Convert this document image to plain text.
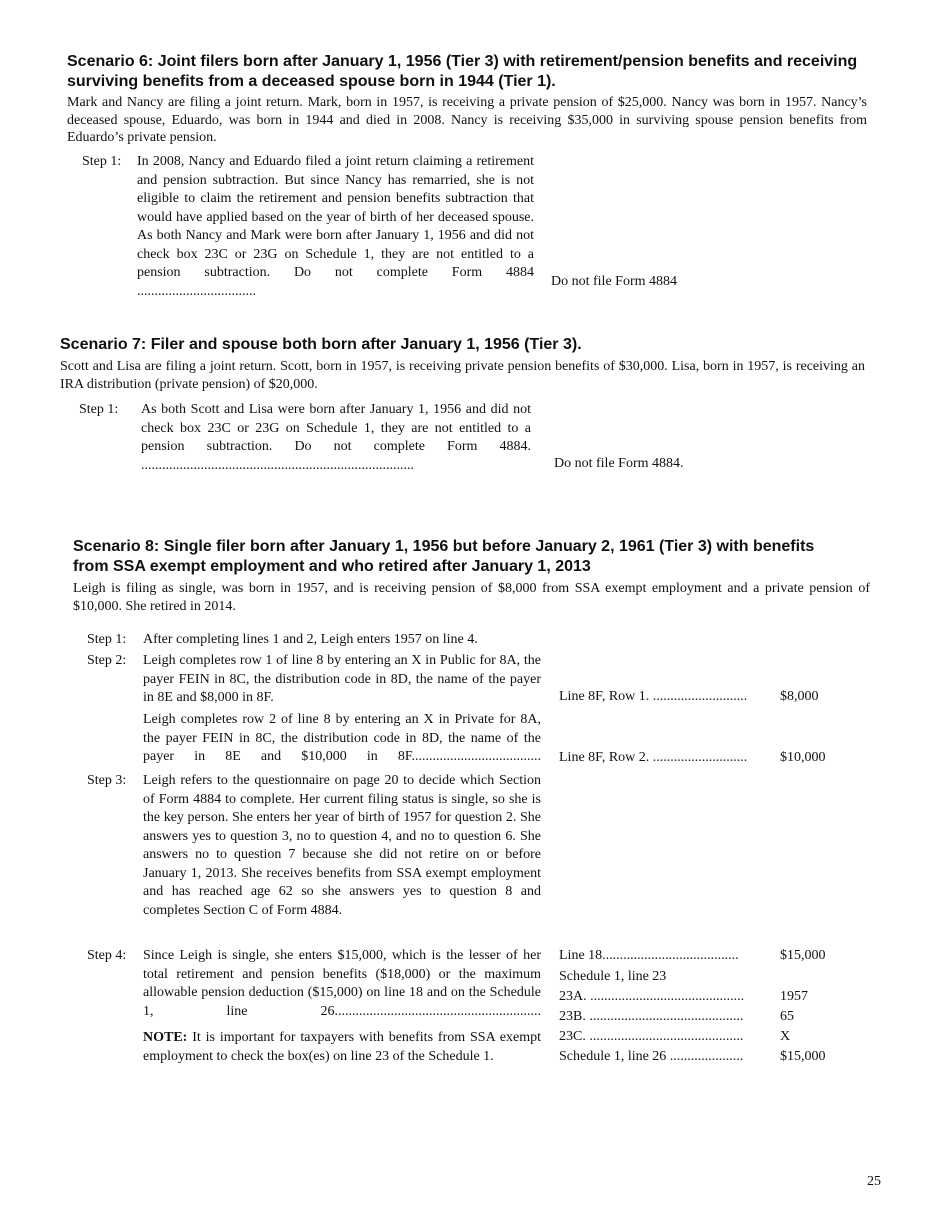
Scenario 6: Joint filers born after January 1, 1956 (Tier 3) with retirement/pension benefits and receiving surviving benefits from a deceased spouse born in 1944 (Tier 1).
Mark and Nancy are filing a joint return. Mark, born in 1957, is receiving a private pension of $25,000. Nancy was born in 1957. Nancy’s deceased spouse, Eduardo, was born in 1944 and died in 2008. Nancy is receiving $35,000 in surviving spouse pension benefits from Eduardo’s private pension.
Step 1: In 2008, Nancy and Eduardo filed a joint return claiming a retirement and pension subtraction. But since Nancy has remarried, she is not eligible to claim the retirement and pension benefits subtraction that would have applied based on the year of birth of her deceased spouse. As both Nancy and Mark were born after January 1, 1956 and did not check box 23C or 23G on Schedule 1, they are not entitled to a pension subtraction. Do not complete Form 4884 ..................................
Do not file Form 4884
Scenario 7: Filer and spouse both born after January 1, 1956 (Tier 3).
Scott and Lisa are filing a joint return. Scott, born in 1957, is receiving private pension benefits of $30,000. Lisa, born in 1957, is receiving an IRA distribution (private pension) of $20,000.
Step 1: As both Scott and Lisa were born after January 1, 1956 and did not check box 23C or 23G on Schedule 1, they are not entitled to a pension subtraction. Do not complete Form 4884. ..............................................................................	Do not file Form 4884.
Scenario 8: Single filer born after January 1, 1956 but before January 2, 1961 (Tier 3) with benefits from SSA exempt employment and who retired after January 1, 2013
Leigh is filing as single, was born in 1957, and is receiving pension of $8,000 from SSA exempt employment and a private pension of $10,000. She retired in 2014.
Step 1: After completing lines 1 and 2, Leigh enters 1957 on line 4.
Step 2: Leigh completes row 1 of line 8 by entering an X in Public for 8A, the payer FEIN in 8C, the distribution code in 8D, the name of the payer in 8E and $8,000 in 8F.
Leigh completes row 2 of line 8 by entering an X in Private for 8A, the payer FEIN in 8C, the distribution code in 8D, the name of the payer in 8E and $10,000 in 8F.....................................
Line 8F, Row 1. ........................... $8,000
Line 8F, Row 2. ........................... $10,000
Step 3: Leigh refers to the questionnaire on page 20 to decide which Section of Form 4884 to complete. Her current filing status is single, so she is the key person. She enters her year of birth of 1957 for question 2. She answers yes to question 3, no to question 4, and no to question 6. She answers no to question 7 because she did not retire on or before January 1, 2013. She receives benefits from SSA exempt employment and has reached age 62 so she answers yes to question 8 and completes Section C of Form 4884.
Step 4: Since Leigh is single, she enters $15,000, which is the lesser of her total retirement and pension benefits ($18,000) or the maximum allowable pension deduction ($15,000) on line 18 and on the Schedule 1, line 26...........................................................
NOTE: It is important for taxpayers with benefits from SSA exempt employment to check the box(es) on line 23 of the Schedule 1.
Line 18.......................................	$15,000
Schedule 1, line 23
23A. ............................................	1957
23B. ............................................	65
23C. ............................................	X
Schedule 1, line 26 .....................	$15,000
25
